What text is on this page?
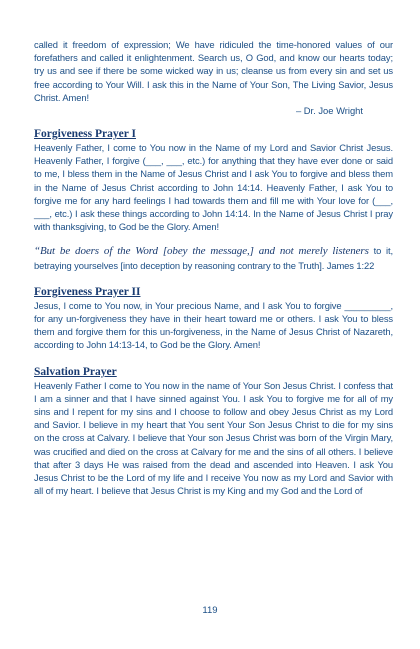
called it freedom of expression; We have ridiculed the time-honored values of our forefathers and called it enlightenment. Search us, O God, and know our hearts today; try us and see if there be some wicked way in us; cleanse us from every sin and set us free according to Your Will. I ask this in the Name of Your Son, The Living Savior, Jesus Christ. Amen!

– Dr. Joe Wright

Forgiveness Prayer I

Heavenly Father, I come to You now in the Name of my Lord and Savior Christ Jesus. Heavenly Father, I forgive (___, ___, etc.) for anything that they have ever done or said to me, I bless them in the Name of Jesus Christ and I ask You to forgive and bless them in the Name of Jesus Christ according to John 14:14. Heavenly Father, I ask You to forgive me for any hard feelings I had towards them and fill me with Your love for (___, ___, etc.) I ask these things according to John 14:14. In the Name of Jesus Christ I pray with thanksgiving, to God be the Glory. Amen!

“But be doers of the Word [obey the message,] and not merely listeners to it, betraying yourselves [into deception by reasoning contrary to the Truth]. James 1:22

Forgiveness Prayer II

Jesus, I come to You now, in Your precious Name, and I ask You to forgive _________, for any un-forgiveness they have in their heart toward me or others. I ask You to bless them and forgive them for this un-forgiveness, in the Name of Jesus Christ of Nazareth, according to John 14:13-14, to God be the Glory. Amen!

Salvation Prayer

Heavenly Father I come to You now in the name of Your Son Jesus Christ. I confess that I am a sinner and that I have sinned against You. I ask You to forgive me for all of my sins and I repent for my sins and I choose to follow and obey Jesus Christ as my Lord and Savior. I believe in my heart that You sent Your Son Jesus Christ to die for my sins on the cross at Calvary. I believe that Your son Jesus Christ was born of the Virgin Mary, was crucified and died on the cross at Calvary for me and the sins of all others. I believe that after 3 days He was raised from the dead and ascended into Heaven. I ask You Jesus Christ to be the Lord of my life and I receive You now as my Lord and Savior with all of my heart. I believe that Jesus Christ is my King and my God and the Lord of

119
